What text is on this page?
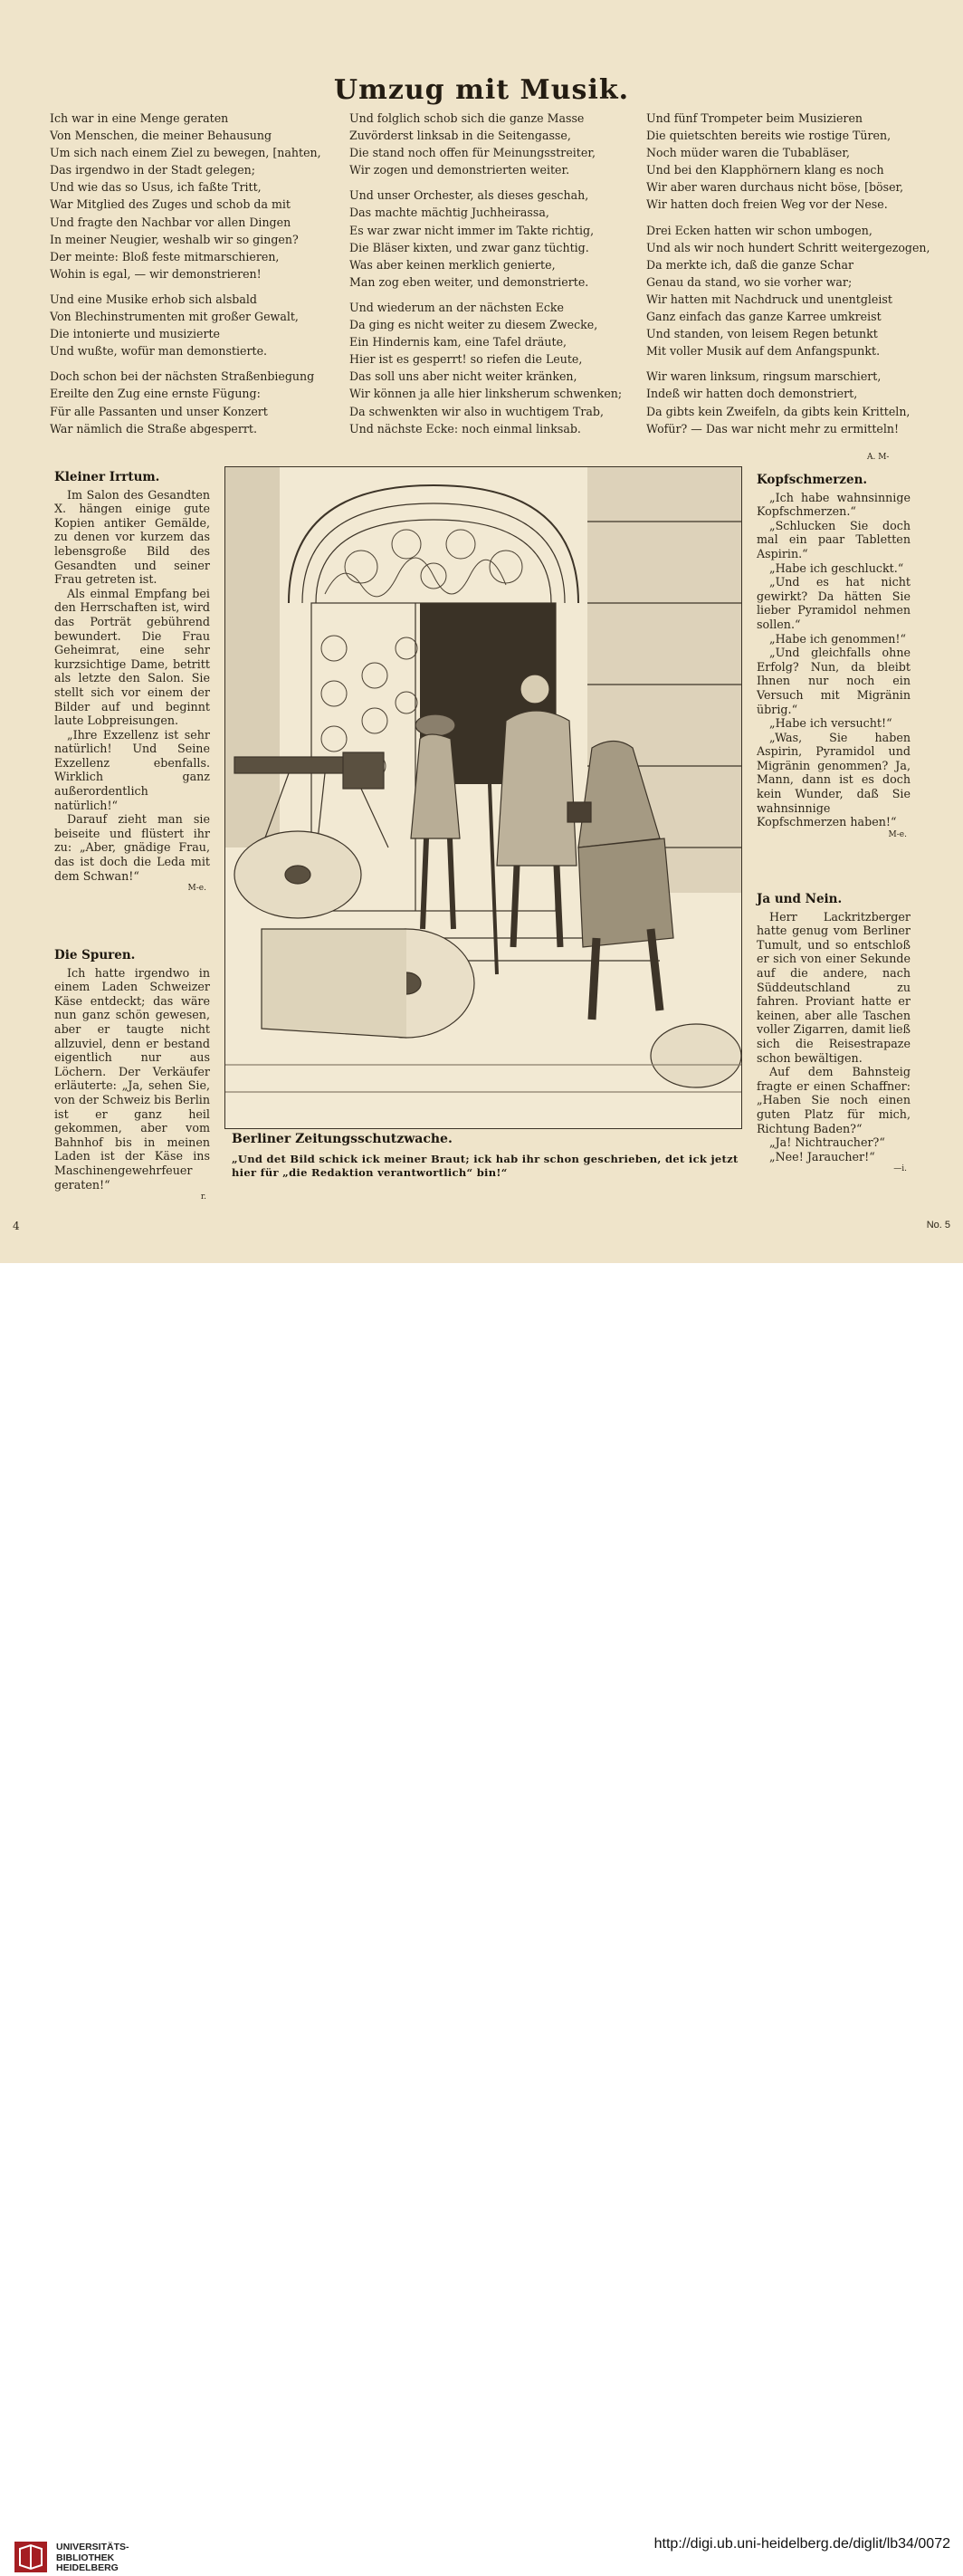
Umzug mit Musik.
Ich war in eine Menge geraten
Von Menschen, die meiner Behausung
Um sich nach einem Ziel zu bewegen, [nahten,
Das irgendwo in der Stadt gelegen;
Und wie das so Usus, ich faßte Tritt,
War Mitglied des Zuges und schob da mit
Und fragte den Nachbar vor allen Dingen
In meiner Neugier, weshalb wir so gingen?
Der meinte: Bloß feste mitmarschieren,
Wohin is egal, — wir demonstrieren!
Und eine Musike erhob sich alsbald
Von Blechinstrumenten mit großer Gewalt,
Die intonierte und musizierte
Und wußte, wofür man demonstierte.
Doch schon bei der nächsten Straßenbiegung
Ereilte den Zug eine ernste Fügung:
Für alle Passanten und unser Konzert
War nämlich die Straße abgesperrt.
Und folglich schob sich die ganze Masse
Zuvörderst linksab in die Seitengasse,
Die stand noch offen für Meinungsstreiter,
Wir zogen und demonstrierten weiter.
Und unser Orchester, als dieses geschah,
Das machte mächtig Juchheirassa,
Es war zwar nicht immer im Takte richtig,
Die Bläser kixten, und zwar ganz tüchtig.
Was aber keinen merklich genierte,
Man zog eben weiter, und demonstrierte.
Und wiederum an der nächsten Ecke
Da ging es nicht weiter zu diesem Zwecke,
Ein Hindernis kam, eine Tafel dräute,
Hier ist es gesperrt! so riefen die Leute,
Das soll uns aber nicht weiter kränken,
Wir können ja alle hier linksherum schwenken;
Da schwenkten wir also in wuchtigem Trab,
Und nächste Ecke: noch einmal linksab.
Und fünf Trompeter beim Musizieren
Die quietschten bereits wie rostige Türen,
Noch müder waren die Tubabläser,
Und bei den Klapphörnern klang es noch
Wir aber waren durchaus nicht böse, [böser,
Wir hatten doch freien Weg vor der Nese.
Drei Ecken hatten wir schon umbogen,
Und als wir noch hundert Schritt weitergezogen,
Da merkte ich, daß die ganze Schar
Genau da stand, wo sie vorher war;
Wir hatten mit Nachdruck und unentgleist
Ganz einfach das ganze Karree umkreist
Und standen, von leisem Regen betunkt
Mit voller Musik auf dem Anfangspunkt.
Wir waren linksum, ringsum marschiert,
Indeß wir hatten doch demonstriert,
Da gibts kein Zweifeln, da gibts kein Kritteln,
Wofür? — Das war nicht mehr zu ermitteln!
A. M-
Kleiner Irrtum.

Im Salon des Gesandten X. hängen einige gute Kopien antiker Gemälde, zu denen vor kurzem das lebensgroße Bild des Gesandten und seiner Frau getreten ist.

Als einmal Empfang bei den Herrschaften ist, wird das Porträt gebührend bewundert. Die Frau Geheimrat, eine sehr kurzsichtige Dame, betritt als letzte den Salon. Sie stellt sich vor einem der Bilder auf und beginnt laute Lobpreisungen.

„Ihre Exzellenz ist sehr natürlich! Und Seine Exzellenz ebenfalls. Wirklich ganz außerordentlich natürlich!“

Darauf zieht man sie beiseite und flüstert ihr zu: „Aber, gnädige Frau, das ist doch die Leda mit dem Schwan!“

M-e.
Die Spuren.

Ich hatte irgendwo in einem Laden Schweizer Käse entdeckt; das wäre nun ganz schön gewesen, aber er taugte nicht allzuviel, denn er bestand eigentlich nur aus Löchern. Der Verkäufer erläuterte: „Ja, sehen Sie, von der Schweiz bis Berlin ist er ganz heil gekommen, aber vom Bahnhof bis in meinen Laden ist der Käse ins Maschinengewehrfeuer geraten!“

r.
Berliner Zeitungsschutzwache.
„Und det Bild schick ick meiner Braut; ick hab ihr schon geschrieben, det ick jetzt hier für „die Redaktion verantwortlich“ bin!“
Kopfschmerzen.

„Ich habe wahnsinnige Kopfschmerzen.“

„Schlucken Sie doch mal ein paar Tabletten Aspirin.“

„Habe ich geschluckt.“

„Und es hat nicht gewirkt? Da hätten Sie lieber Pyramidol nehmen sollen.“

„Habe ich genommen!“

„Und gleichfalls ohne Erfolg? Nun, da bleibt Ihnen nur noch ein Versuch mit Migränin übrig.“

„Habe ich versucht!“

„Was, Sie haben Aspirin, Pyramidol und Migränin genommen? Ja, Mann, dann ist es doch kein Wunder, daß Sie wahnsinnige Kopfschmerzen haben!“

M-e.
Ja und Nein.

Herr Lackritzberger hatte genug vom Berliner Tumult, und so entschloß er sich von einer Sekunde auf die andere, nach Süddeutschland zu fahren. Proviant hatte er keinen, aber alle Taschen voller Zigarren, damit ließ sich die Reisestrapaze schon bewältigen.

Auf dem Bahnsteig fragte er einen Schaffner: „Haben Sie noch einen guten Platz für mich, Richtung Baden?“

„Ja! Nichtraucher?“

„Nee! Jaraucher!“

—i.
4	No. 5
UNIVERSITÄTS-
BIBLIOTHEK
HEIDELBERG
http://digi.ub.uni-heidelberg.de/diglit/lb34/0072
